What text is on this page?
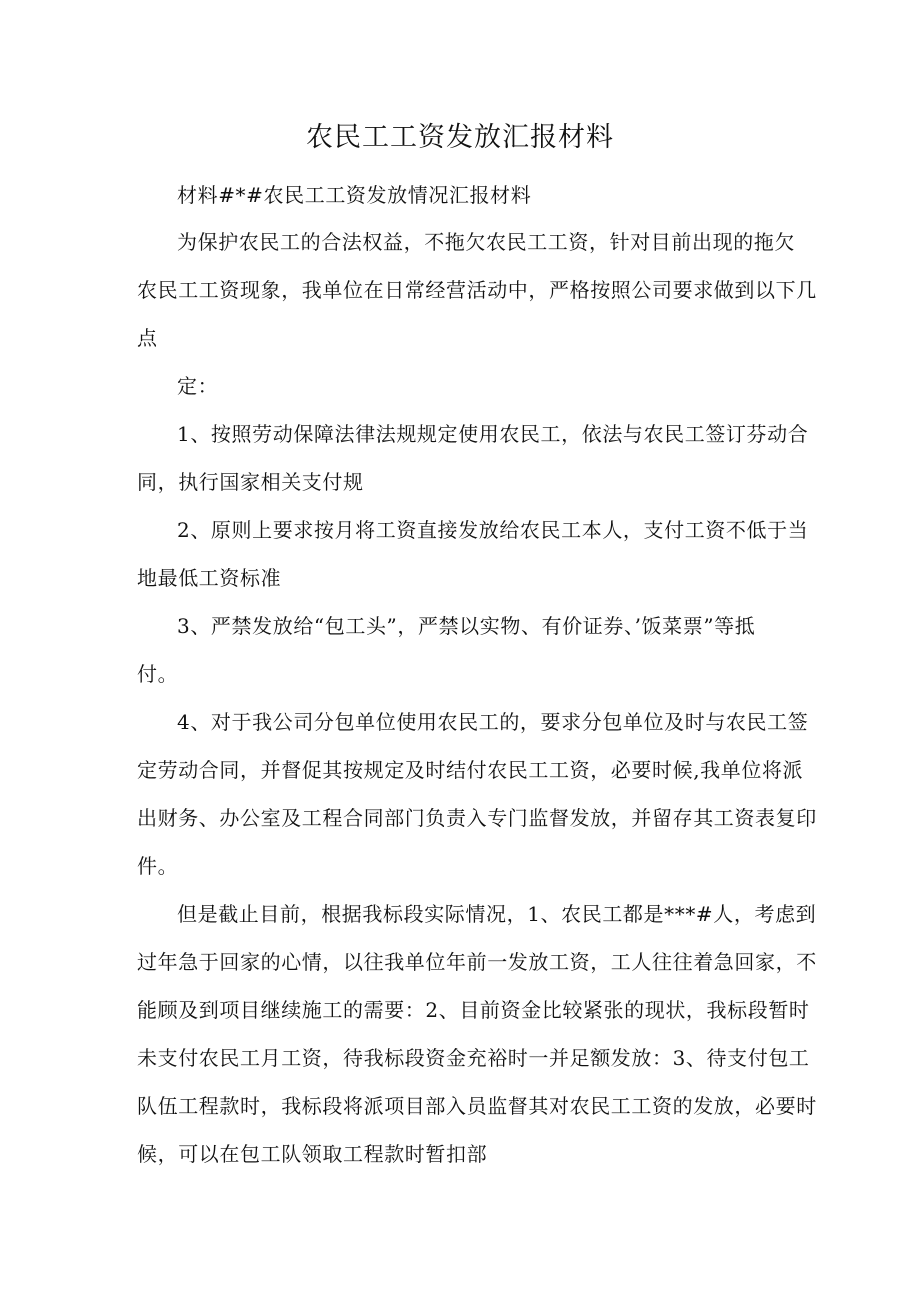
农民工工资发放汇报材料

材料#*#农民工工资发放情况汇报材料

为保护农民工的合法权益，不拖欠农民工工资，针对目前出现的拖欠
农民工工资现象，我单位在日常经营活动中，严格按照公司要求做到以下几
点

定：

1、按照劳动保障法律法规规定使用农民工，依法与农民工签订芬动合
同，执行国家相关支付规

2、原则上要求按月将工资直接发放给农民工本人，支付工资不低于当
地最低工资标准

3、严禁发放给“包工头”，严禁以实物、有价证券、’饭菜票”等抵
付。

4、对于我公司分包单位使用农民工的，要求分包单位及时与农民工签
定劳动合同，并督促其按规定及时结付农民工工资，必要时候,我单位将派
出财务、办公室及工程合同部门负责入专门监督发放，并留存其工资表复印
件。

但是截止目前，根据我标段实际情况，1、农民工都是***#人，考虑到
过年急于回家的心情，以往我单位年前一发放工资，工人往往着急回家，不
能顾及到项目继续施工的需要：2、目前资金比较紧张的现状，我标段暂时
未支付农民工月工资，待我标段资金充裕时一并足额发放：3、待支付包工
队伍工程款时，我标段将派项目部入员监督其对农民工工资的发放，必要时
候，可以在包工队领取工程款时暂扣部
